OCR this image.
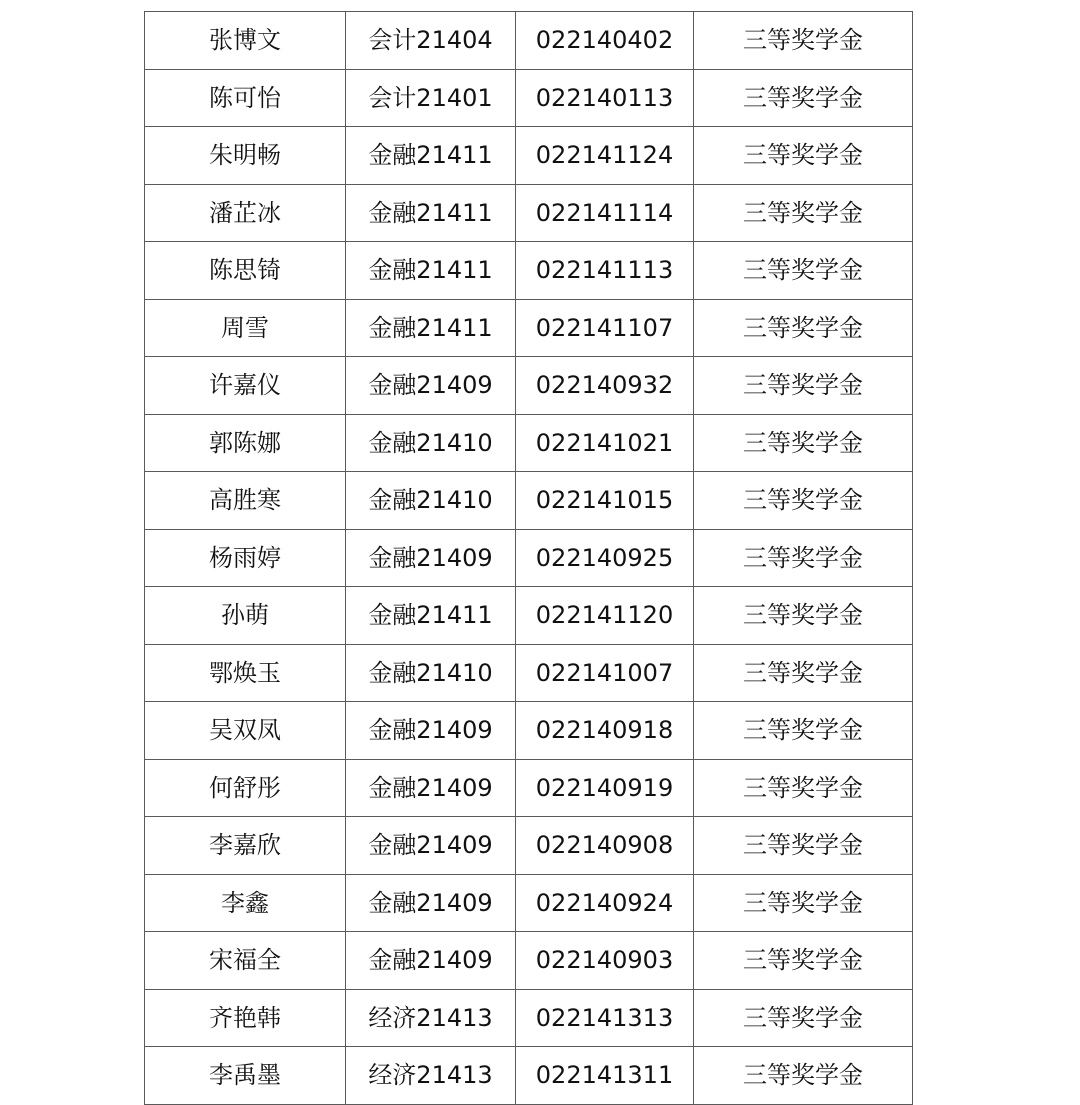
张博文	会计21404	022140402	三等奖学金
陈可怡	会计21401	022140113	三等奖学金
朱明畅	金融21411	022141124	三等奖学金
潘芷冰	金融21411	022141114	三等奖学金
陈思锜	金融21411	022141113	三等奖学金
周雪	金融21411	022141107	三等奖学金
许嘉仪	金融21409	022140932	三等奖学金
郭陈娜	金融21410	022141021	三等奖学金
高胜寒	金融21410	022141015	三等奖学金
杨雨婷	金融21409	022140925	三等奖学金
孙萌	金融21411	022141120	三等奖学金
鄂焕玉	金融21410	022141007	三等奖学金
吴双凤	金融21409	022140918	三等奖学金
何舒彤	金融21409	022140919	三等奖学金
李嘉欣	金融21409	022140908	三等奖学金
李鑫	金融21409	022140924	三等奖学金
宋福全	金融21409	022140903	三等奖学金
齐艳韩	经济21413	022141313	三等奖学金
李禹墨	经济21413	022141311	三等奖学金
